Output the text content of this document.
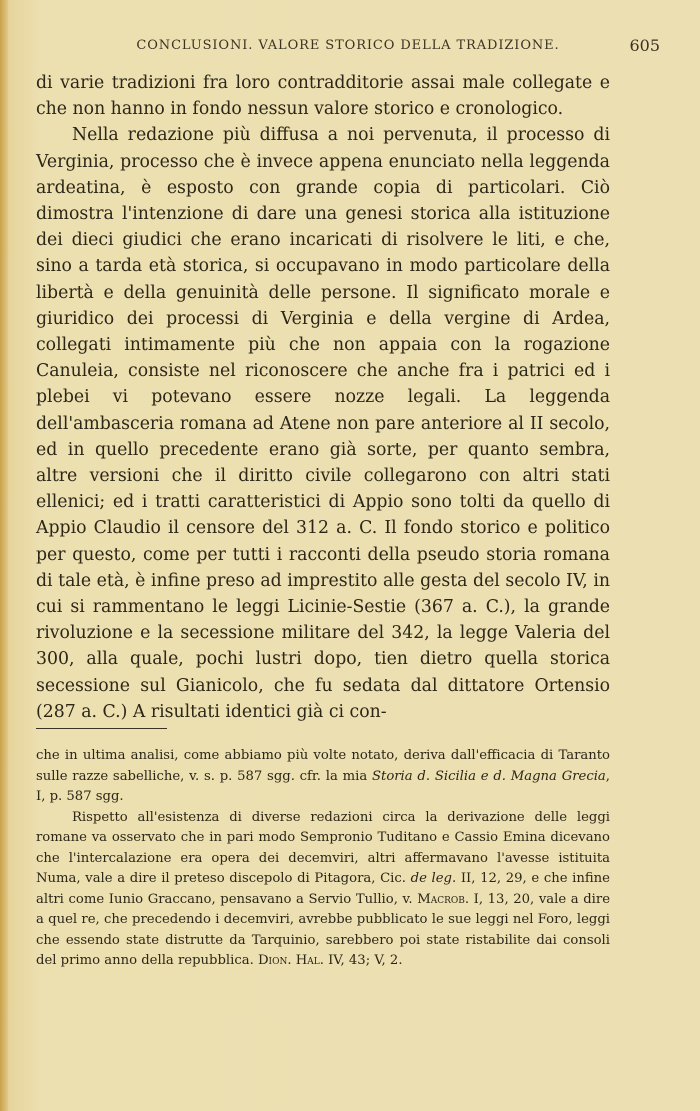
CONCLUSIONI. VALORE STORICO DELLA TRADIZIONE.	605

di varie tradizioni fra loro contradditorie assai male collegate e che non hanno in fondo nessun valore storico e cronologico.

Nella redazione più diffusa a noi pervenuta, il processo di Verginia, processo che è invece appena enunciato nella leggenda ardeatina, è esposto con grande copia di particolari. Ciò dimostra l'intenzione di dare una genesi storica alla istituzione dei dieci giudici che erano incaricati di risolvere le liti, e che, sino a tarda età storica, si occupavano in modo particolare della libertà e della genuinità delle persone. Il significato morale e giuridico dei processi di Verginia e della vergine di Ardea, collegati intimamente più che non appaia con la rogazione Canuleia, consiste nel riconoscere che anche fra i patrici ed i plebei vi potevano essere nozze legali. La leggenda dell'ambasceria romana ad Atene non pare anteriore al II secolo, ed in quello precedente erano già sorte, per quanto sembra, altre versioni che il diritto civile collegarono con altri stati ellenici; ed i tratti caratteristici di Appio sono tolti da quello di Appio Claudio il censore del 312 a. C. Il fondo storico e politico per questo, come per tutti i racconti della pseudo storia romana di tale età, è infine preso ad imprestito alle gesta del secolo IV, in cui si rammentano le leggi Licinie-Sestie (367 a. C.), la grande rivoluzione e la secessione militare del 342, la legge Valeria del 300, alla quale, pochi lustri dopo, tien dietro quella storica secessione sul Gianicolo, che fu sedata dal dittatore Ortensio (287 a. C.) A risultati identici già ci con-

che in ultima analisi, come abbiamo più volte notato, deriva dall'efficacia di Taranto sulle razze sabelliche, v. s. p. 587 sgg. cfr. la mia Storia d. Sicilia e d. Magna Grecia, I, p. 587 sgg.

Rispetto all'esistenza di diverse redazioni circa la derivazione delle leggi romane va osservato che in pari modo Sempronio Tuditano e Cassio Emina dicevano che l'intercalazione era opera dei decemviri, altri affermavano l'avesse istituita Numa, vale a dire il preteso discepolo di Pitagora, Cic. de leg. II, 12, 29, e che infine altri come Iunio Graccano, pensavano a Servio Tullio, v. Macrob. I, 13, 20, vale a dire a quel re, che precedendo i decemviri, avrebbe pubblicato le sue leggi nel Foro, leggi che essendo state distrutte da Tarquinio, sarebbero poi state ristabilite dai consoli del primo anno della repubblica. Dion. Hal. IV, 43; V, 2.
